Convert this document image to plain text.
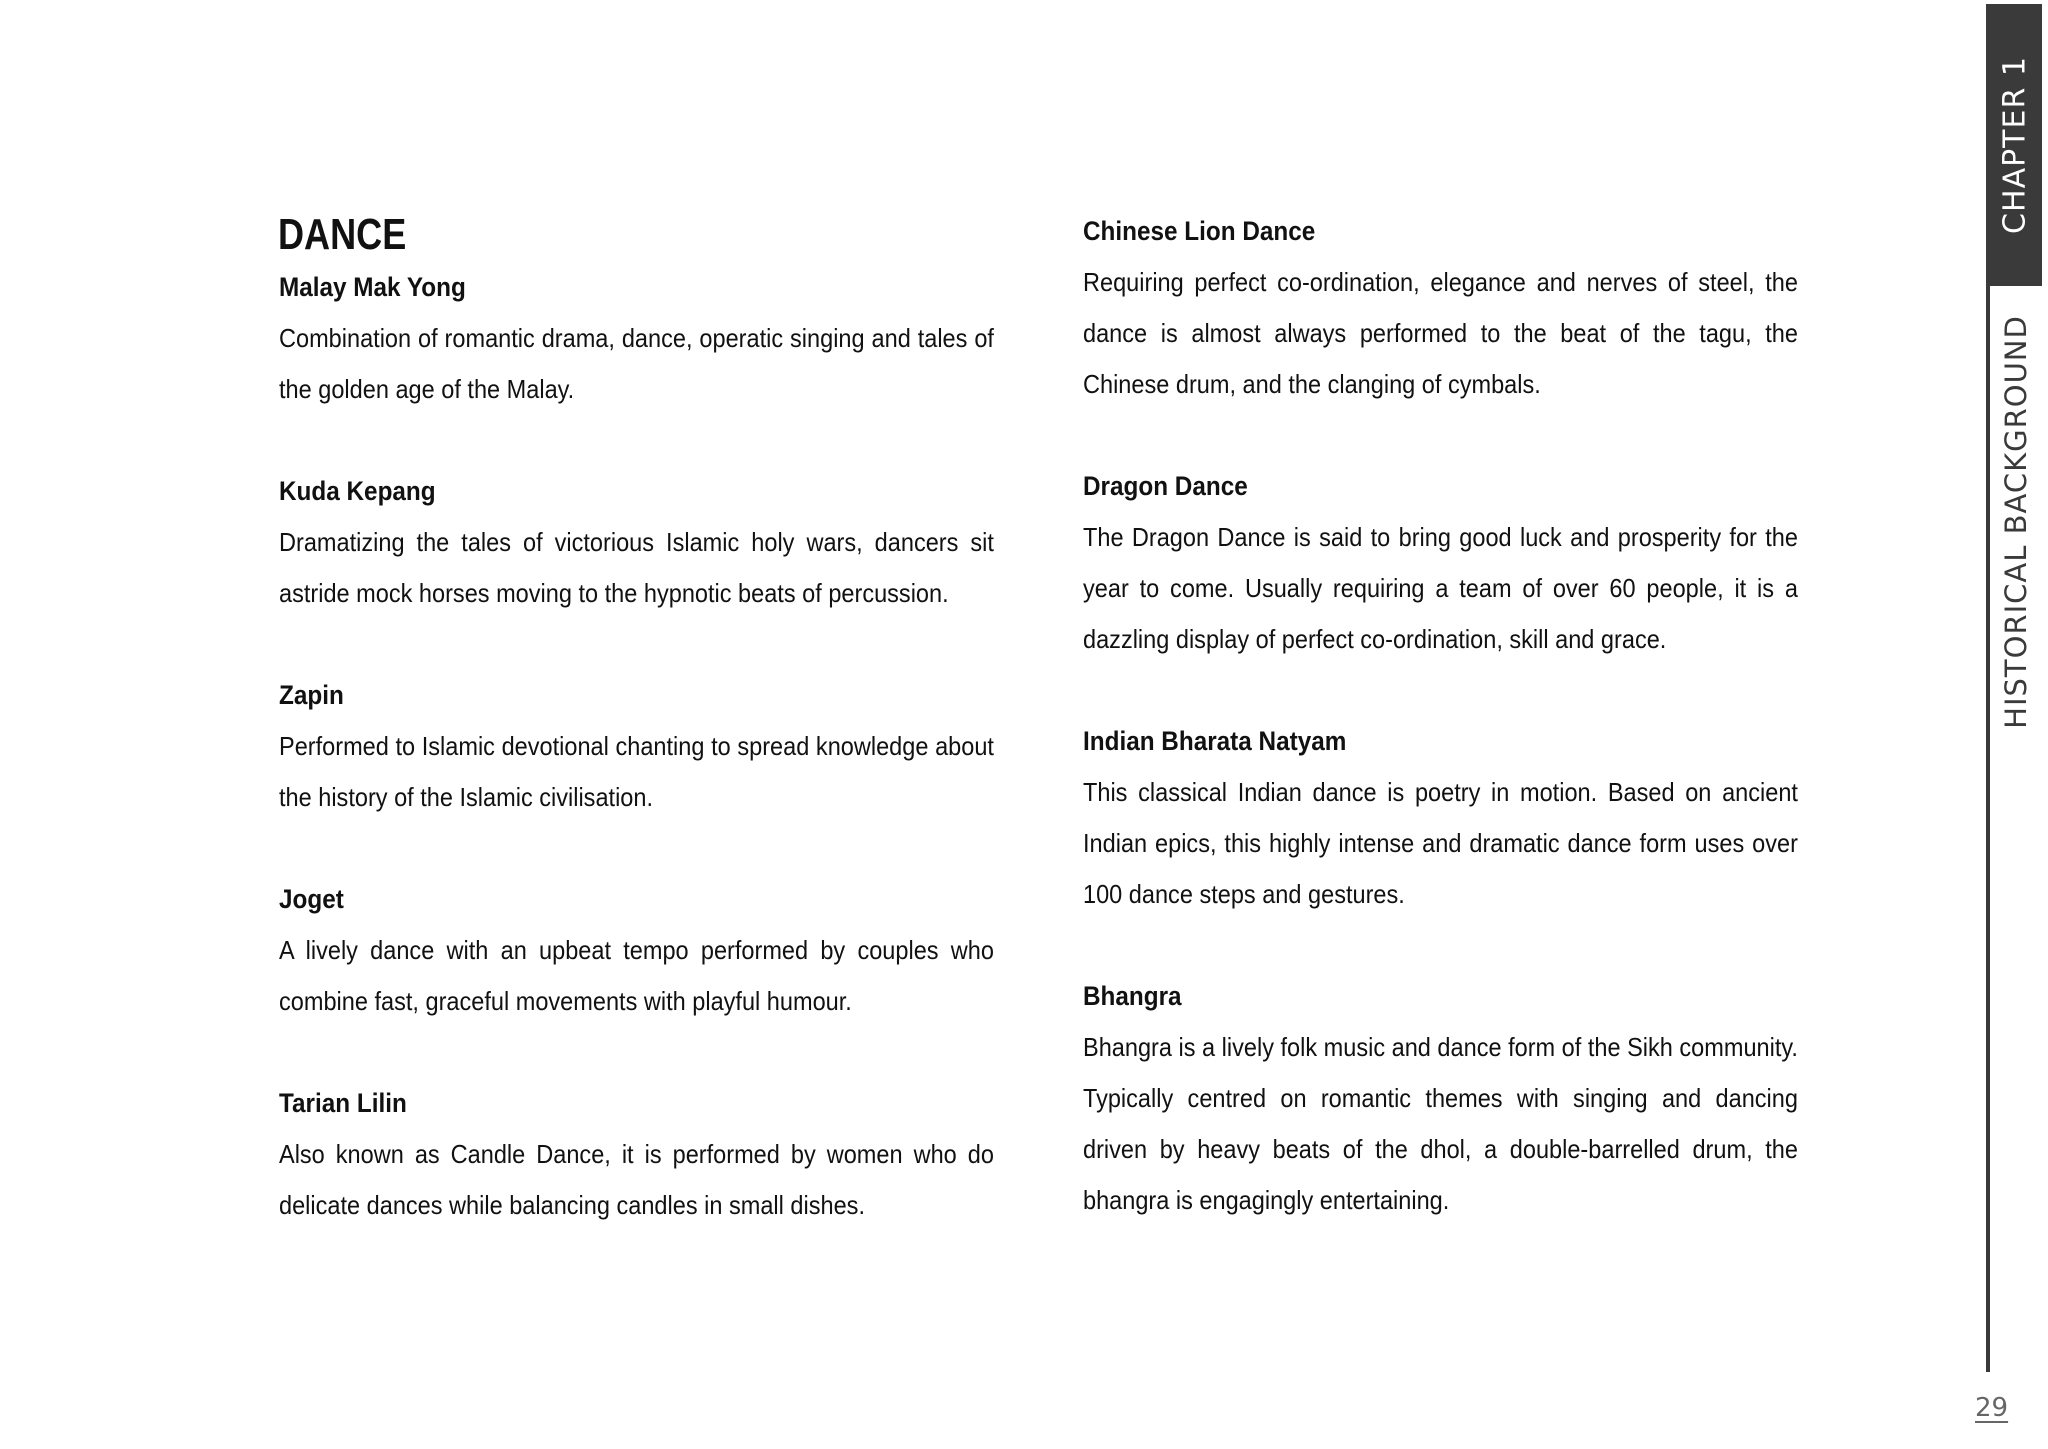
DANCE

Malay Mak Yong

Combination of romantic drama, dance, operatic singing and tales of the golden age of the Malay.

Kuda Kepang

Dramatizing the tales of victorious Islamic holy wars, dancers sit astride mock horses moving to the hypnotic beats of percussion.

Zapin

Performed to Islamic devotional chanting to spread knowledge about the history of the Islamic civilisation.

Joget

A lively dance with an upbeat tempo performed by couples who combine fast, graceful movements with playful humour.

Tarian Lilin

Also known as Candle Dance, it is performed by women who do delicate dances while balancing candles in small dishes.

Chinese Lion Dance

Requiring perfect co-ordination, elegance and nerves of steel, the dance is almost always performed to the beat of the tagu, the Chinese drum, and the clanging of cymbals.

Dragon Dance

The Dragon Dance is said to bring good luck and prosperity for the year to come. Usually requiring a team of over 60 people, it is a dazzling display of perfect co-ordination, skill and grace.

Indian Bharata Natyam

This classical Indian dance is poetry in motion. Based on ancient Indian epics, this highly intense and dramatic dance form uses over 100 dance steps and gestures.

Bhangra

Bhangra is a lively folk music and dance form of the Sikh community. Typically centred on romantic themes with singing and dancing driven by heavy beats of the dhol, a double-barrelled drum, the bhangra is engagingly entertaining.

CHAPTER 1
HISTORICAL BACKGROUND
29
